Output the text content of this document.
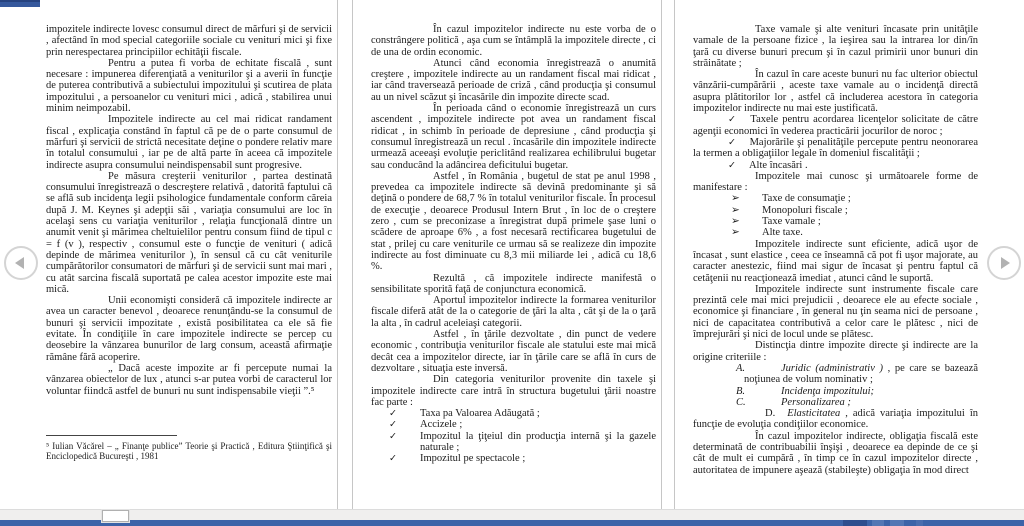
impozitele indirecte lovesc consumul direct de mărfuri şi de servicii , afectând în mod special categoriile sociale cu venituri mici şi fixe prin nerespectarea principiilor echităţii fiscale.
Pentru a putea fi vorba de echitate fiscală , sunt necesare : impunerea diferenţiată a veniturilor şi a averii în funcţie de puterea contributivă a subiectului impozitului şi scutirea de plata impozitului , a persoanelor cu venituri mici , adică , stabilirea unui minim neimpozabil.
Impozitele indirecte au cel mai ridicat randament fiscal , explicaţia constând în faptul că pe de o parte consumul de mărfuri şi servicii de strictă necesitate deţine o pondere relativ mare în totalul consumului , iar pe de altă parte în aceea că impozitele indirecte asupra consumului neindispensabil sunt progresive.
Pe măsura creşterii veniturilor , partea destinată consumului înregistrează o descreştere relativă , datorită faptului că se află sub incidenţa legii psihologice fundamentale conform căreia după J. M. Keynes şi adepţii săi , variaţia consumului are loc în acelaşi sens cu variaţia veniturilor , relaţia funcţională dintre un anumit venit şi mărimea cheltuielilor pentru consum fiind de tipul c = f (v ), respectiv , consumul este o funcţie de venituri ( adică depinde de mărimea veniturilor ), în sensul că cu cât veniturile cumpărătorilor consumatori de mărfuri şi de servicii sunt mai mari , cu atât sarcina fiscală suportată pe calea acestor impozite este mai mică.
Unii economişti consideră că impozitele indirecte ar avea un caracter benevol , deoarece renunţându-se la consumul de bunuri şi servicii impozitate , există posibilitatea ca ele să fie evitate. În condiţiile în care impozitele indirecte se percep cu deosebire la vânzarea bunurilor de larg consum, această afirmaţie rămâne fără acoperire.
„ Dacă aceste impozite ar fi percepute numai la vânzarea obiectelor de lux , atunci s-ar putea vorbi de caracterul lor voluntar fiindcă astfel de bunuri nu sunt indispensabile vieţii ”.⁵
⁵ Iulian Văcărel – „ Finanţe publice” Teorie şi Practică , Editura Ştiinţifică şi Enciclopedică Bucureşti , 1981
În cazul impozitelor indirecte nu este vorba de o constrângere politică , aşa cum se întâmplă la impozitele directe , ci de una de ordin economic.
Atunci când economia înregistrează o anumită creştere , impozitele indirecte au un randament fiscal mai ridicat , iar când traversează perioade de criză , când producţia şi consumul au un nivel scăzut şi încasările din impozite directe scad.
În perioada când o economie înregistrează un curs ascendent , impozitele indirecte pot avea un randament fiscal ridicat , in schimb în perioade de depresiune , când producţia şi consumul înregistrează un recul . încasările din impozitele indirecte urmează aceeaşi evoluţie periclitând realizarea echilibrului bugetar sau conducând la adâncirea deficitului bugetar.
Astfel , în România , bugetul de stat pe anul 1998 , prevedea ca impozitele indirecte să devină predominante şi să deţină o pondere de 68,7 % în totalul veniturilor fiscale. În procesul de execuţie , deoarece Produsul Intern Brut , în loc de o creştere zero , cum se preconizase a înregistrat după primele şase luni o scădere de aproape 6% , a fost necesară rectificarea bugetului de stat , prilej cu care veniturile ce urmau să se realizeze din impozite indirecte au fost diminuate cu 8,3 mii miliarde lei , adică cu 18,6 %.
Rezultă , că impozitele indirecte manifestă o sensibilitate sporită faţă de conjunctura economică.
Aportul impozitelor indirecte la formarea veniturilor fiscale diferă atât de la o categorie de ţări la alta , cât şi de la o ţară la alta , în cadrul aceleiaşi categorii.
Astfel , în ţările dezvoltate , din punct de vedere economic , contribuţia veniturilor fiscale ale statului este mai mică decât cea a impozitelor directe, iar în ţările care se află în curs de dezvoltare , situaţia este inversă.
Din categoria veniturilor provenite din taxele şi impozitele indirecte care intră în structura bugetului ţării noastre fac parte :
✓ Taxa pa Valoarea Adăugată ;
✓ Accizele ;
✓ Impozitul la ţiţeiul din producţia internă şi la gazele naturale ;
✓ Impozitul pe spectacole ;
Taxe vamale şi alte venituri încasate prin unităţile vamale de la persoane fizice , la ieşirea sau la intrarea lor din/în ţară cu diverse bunuri precum şi în cazul primirii unor bunuri din străinătate ;
În cazul în care aceste bunuri nu fac ulterior obiectul vânzării-cumpărării , aceste taxe vamale au o incidenţă directă asupra plătitorilor lor , astfel că includerea acestora în categoria impozitelor indirecte nu mai este justificată.
✓ Taxele pentru acordarea licenţelor solicitate de către agenţii economici în vederea practicării jocurilor de noroc ;
✓ Majorările şi penalităţile percepute pentru neonorarea la termen a obligaţiilor legale în domeniul fiscalităţii ;
✓ Alte încasări .
Impozitele mai cunosc şi următoarele forme de manifestare :
➢ Taxe de consumaţie ;
➢ Monopoluri fiscale ;
➢ Taxe vamale ;
➢ Alte taxe.
Impozitele indirecte sunt eficiente, adică uşor de încasat , sunt elastice , ceea ce înseamnă că pot fi uşor majorate, au caracter anestezic, fiind mai sigur de încasat şi pentru faptul că cetăţenii nu reacţionează imediat , atunci când le suportă.
Impozitele indirecte sunt instrumente fiscale care prezintă cele mai mici prejudicii , deoarece ele au efecte sociale , economice şi financiare , în general nu ţin seama nici de persoane , nici de capacitatea contributivă a celor care le plătesc , nici de împrejurări şi nici de locul unde se plătesc.
Distincţia dintre impozite directe şi indirecte are la origine criteriile :
A.	Juridic (administrativ ) , pe care se bazează noţiunea de volum nominativ ;
B.	Incidenţa impozitului;
C.	Personalizarea ;
D. Elasticitatea , adică variaţia impozitului în funcţie de evoluţia condiţiilor economice.
În cazul impozitelor indirecte, obligaţia fiscală este determinată de contribuabilii înşişi , deoarece ea depinde de ce şi cât de mult ei cumpără , în timp ce în cazul impozitelor directe , autoritatea de impunere aşează (stabileşte) obligaţia în mod direct
